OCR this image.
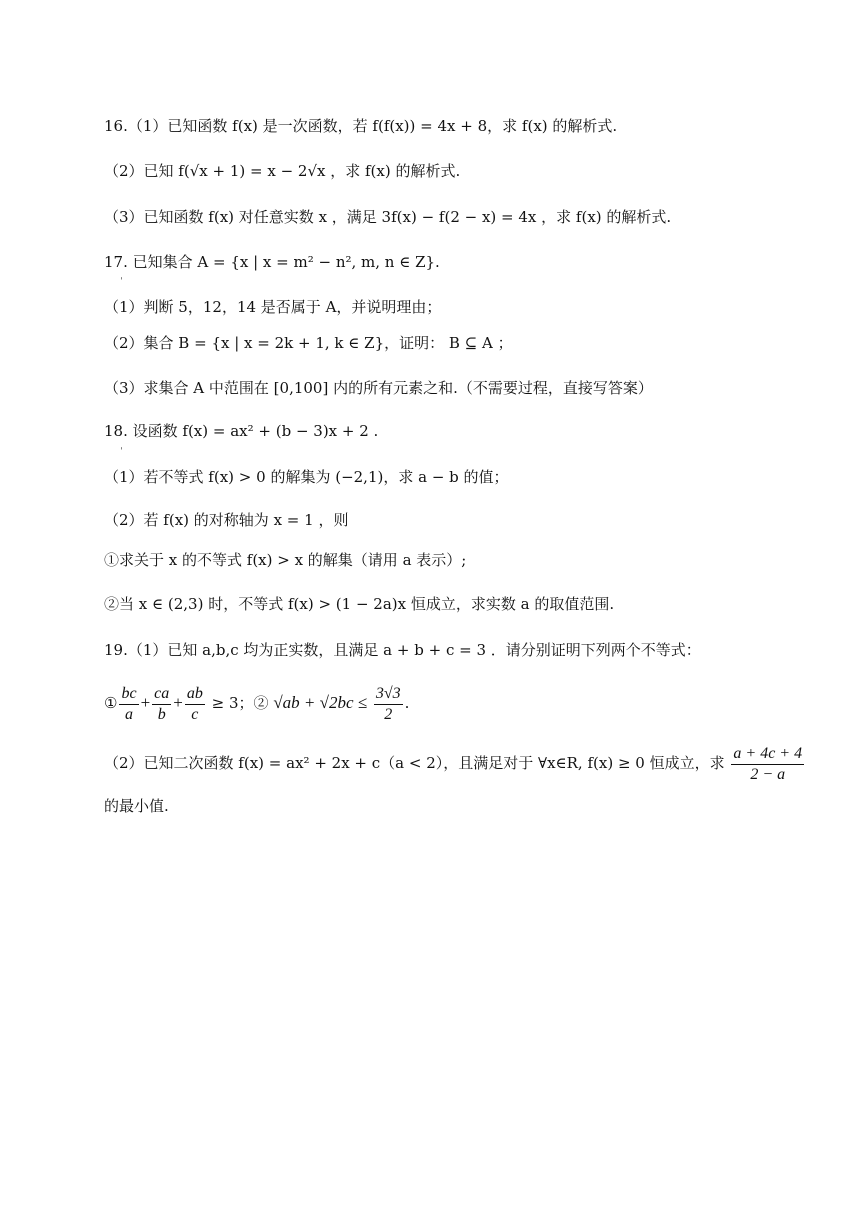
16.（1）已知函数 f(x) 是一次函数，若 f(f(x)) = 4x + 8，求 f(x) 的解析式.
（2）已知 f(√x + 1) = x − 2√x ，求 f(x) 的解析式.
（3）已知函数 f(x) 对任意实数 x ，满足 3f(x) − f(2 − x) = 4x ，求 f(x) 的解析式.
17. 已知集合 A = {x | x = m² − n², m, n ∈ Z}.
（1）判断 5，12，14 是否属于 A，并说明理由；
（2）集合 B = {x | x = 2k + 1, k ∈ Z}，证明： B ⊆ A ；
（3）求集合 A 中范围在 [0,100] 内的所有元素之和.（不需要过程，直接写答案）
18. 设函数 f(x) = ax² + (b − 3)x + 2 .
（1）若不等式 f(x) > 0 的解集为 (−2,1)，求 a − b 的值；
（2）若 f(x) 的对称轴为 x = 1 ，则
①求关于 x 的不等式 f(x) > x 的解集（请用 a 表示）;
②当 x ∈ (2,3) 时，不等式 f(x) > (1 − 2a)x 恒成立，求实数 a 的取值范围.
19.（1）已知 a,b,c 均为正实数，且满足 a + b + c = 3 ．请分别证明下列两个不等式：
① $\frac{bc}{a} + \frac{ca}{b} + \frac{ab}{c} \ge 3$；② $√ab + √2bc \le \frac{3√3}{2}$ .
（2）已知二次函数 f(x) = ax² + 2x + c（a < 2），且满足对于 ∀x∈R, f(x) ≥ 0 恒成立，求 $\frac{a + 4c + 4}{2 - a}$
的最小值.
ˌ
ˌ
